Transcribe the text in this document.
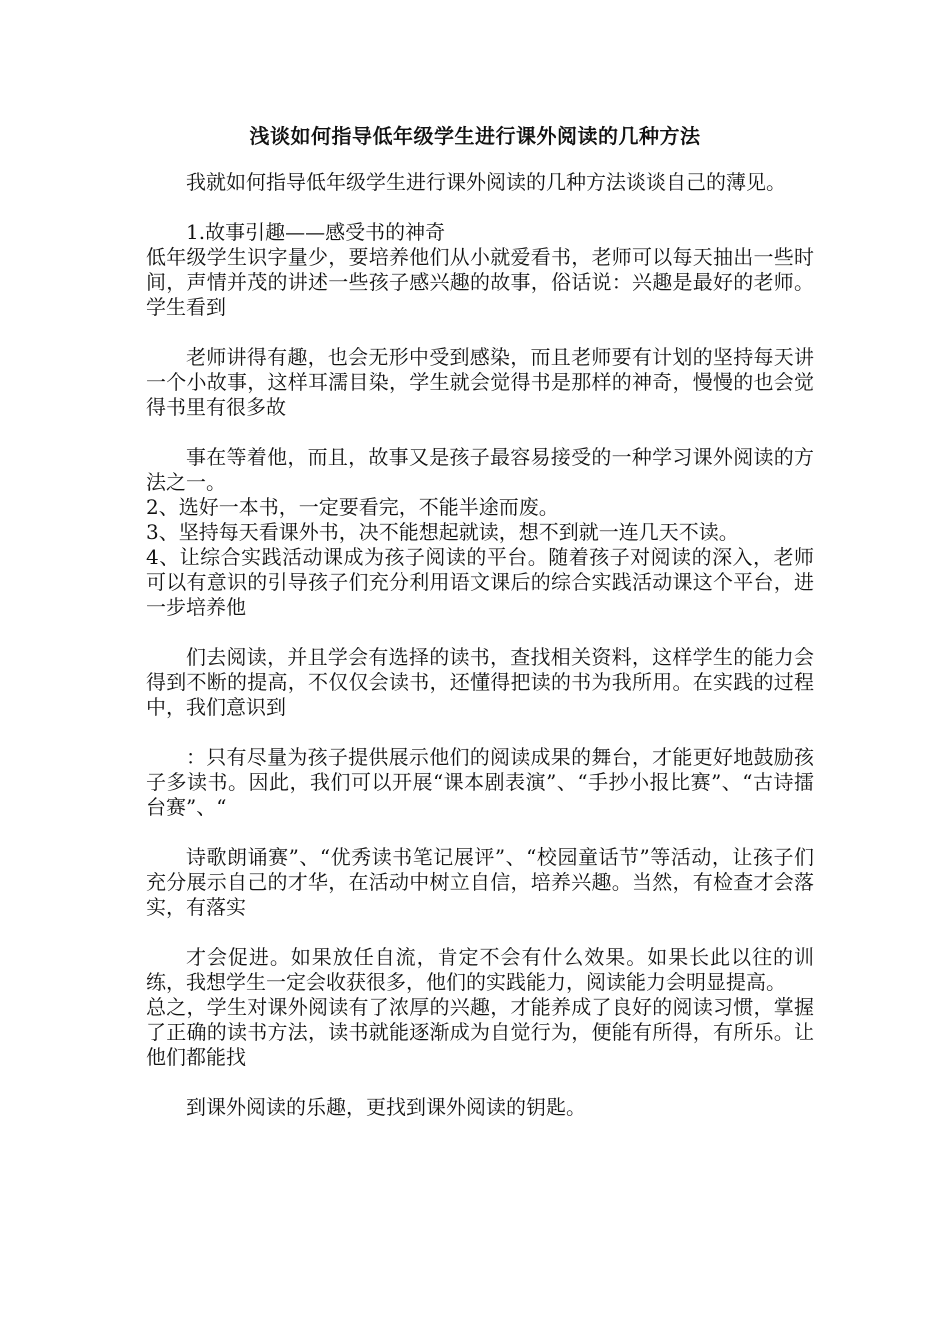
浅谈如何指导低年级学生进行课外阅读的几种方法

我就如何指导低年级学生进行课外阅读的几种方法谈谈自己的薄见。

1.故事引趣——感受书的神奇

低年级学生识字量少，要培养他们从小就爱看书，老师可以每天抽出一些时间，声情并茂的讲述一些孩子感兴趣的故事，俗话说：兴趣是最好的老师。学生看到

老师讲得有趣，也会无形中受到感染，而且老师要有计划的坚持每天讲一个小故事，这样耳濡目染，学生就会觉得书是那样的神奇，慢慢的也会觉得书里有很多故

事在等着他，而且，故事又是孩子最容易接受的一种学习课外阅读的方法之一。

2、选好一本书，一定要看完，不能半途而废。

3、坚持每天看课外书，决不能想起就读，想不到就一连几天不读。

4、让综合实践活动课成为孩子阅读的平台。随着孩子对阅读的深入，老师可以有意识的引导孩子们充分利用语文课后的综合实践活动课这个平台，进一步培养他

们去阅读，并且学会有选择的读书，查找相关资料，这样学生的能力会得到不断的提高，不仅仅会读书，还懂得把读的书为我所用。在实践的过程中，我们意识到

：只有尽量为孩子提供展示他们的阅读成果的舞台，才能更好地鼓励孩子多读书。因此，我们可以开展“课本剧表演”、“手抄小报比赛”、“古诗擂台赛”、“

诗歌朗诵赛”、“优秀读书笔记展评”、“校园童话节”等活动，让孩子们充分展示自己的才华，在活动中树立自信，培养兴趣。当然，有检查才会落实，有落实

才会促进。如果放任自流，肯定不会有什么效果。如果长此以往的训练，我想学生一定会收获很多，他们的实践能力，阅读能力会明显提高。

总之，学生对课外阅读有了浓厚的兴趣，才能养成了良好的阅读习惯，掌握了正确的读书方法，读书就能逐渐成为自觉行为，便能有所得，有所乐。让他们都能找

到课外阅读的乐趣，更找到课外阅读的钥匙。
